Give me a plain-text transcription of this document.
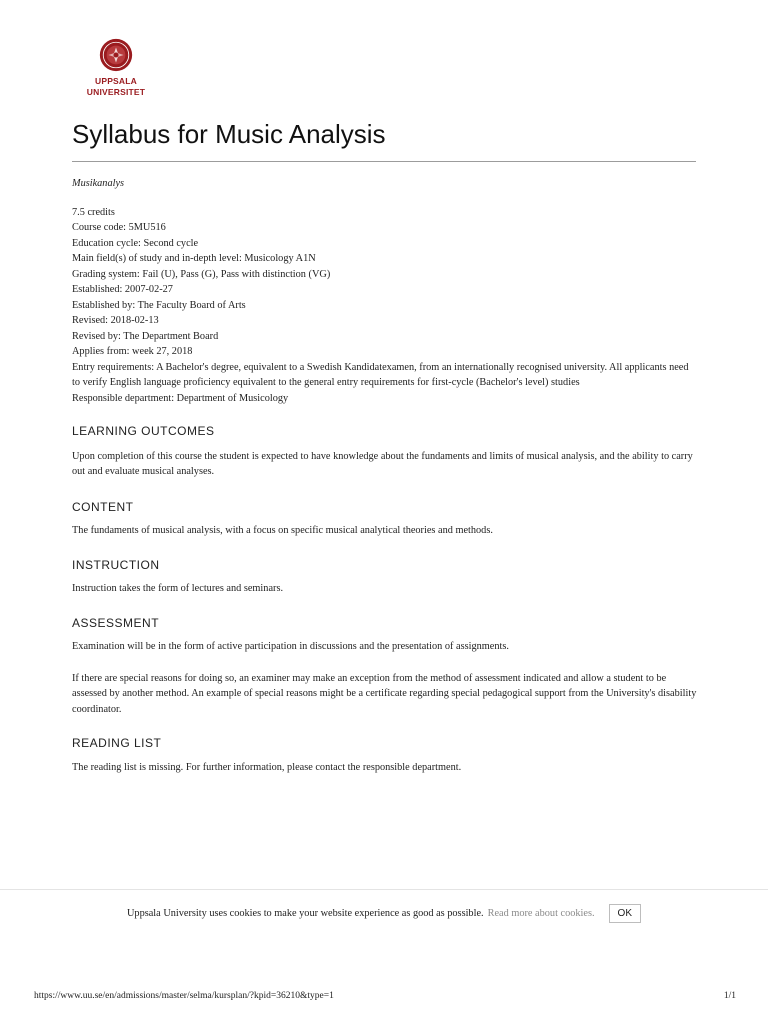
UPPSALA
UNIVERSITET
Syllabus for Music Analysis

Musikanalys

7.5 credits
Course code: 5MU516
Education cycle: Second cycle
Main field(s) of study and in-depth level: Musicology A1N
Grading system: Fail (U), Pass (G), Pass with distinction (VG)
Established: 2007-02-27
Established by: The Faculty Board of Arts
Revised: 2018-02-13
Revised by: The Department Board
Applies from: week 27, 2018
Entry requirements: A Bachelor's degree, equivalent to a Swedish Kandidatexamen, from an internationally recognised university. All applicants need to verify English language proficiency equivalent to the general entry requirements for first-cycle (Bachelor's level) studies
Responsible department: Department of Musicology
LEARNING OUTCOMES

Upon completion of this course the student is expected to have knowledge about the fundaments and limits of musical analysis, and the ability to carry out and evaluate musical analyses.

CONTENT

The fundaments of musical analysis, with a focus on specific musical analytical theories and methods.

INSTRUCTION

Instruction takes the form of lectures and seminars.

ASSESSMENT

Examination will be in the form of active participation in discussions and the presentation of assignments.

If there are special reasons for doing so, an examiner may make an exception from the method of assessment indicated and allow a student to be assessed by another method. An example of special reasons might be a certificate regarding special pedagogical support from the University's disability coordinator.

READING LIST

The reading list is missing. For further information, please contact the responsible department.

Uppsala University uses cookies to make your website experience as good as possible. Read more about cookies.	OK
https://www.uu.se/en/admissions/master/selma/kursplan/?kpid=36210&type=1	1/1
